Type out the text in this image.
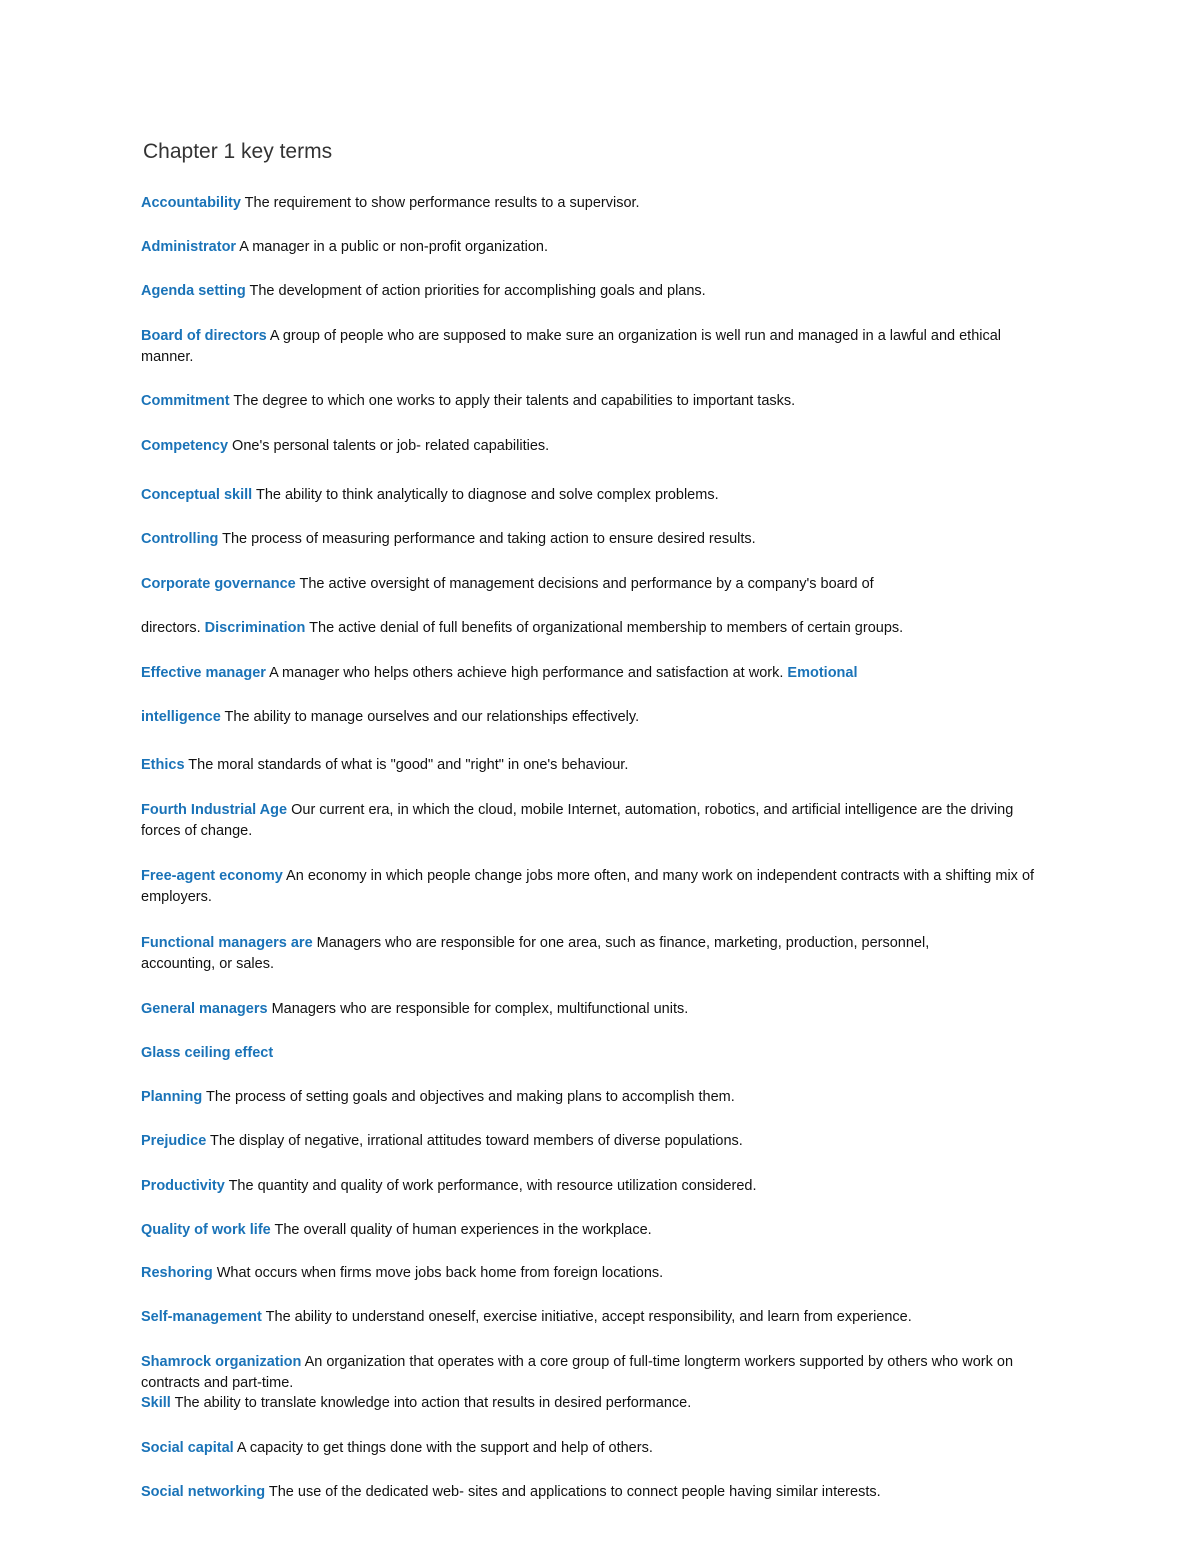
Chapter 1 key terms
Accountability The requirement to show performance results to a supervisor.
Administrator A manager in a public or non-profit organization.
Agenda setting The development of action priorities for accomplishing goals and plans.
Board of directors A group of people who are supposed to make sure an organization is well run and managed in a lawful and ethical manner.
Commitment The degree to which one works to apply their talents and capabilities to important tasks.
Competency One's personal talents or job- related capabilities.
Conceptual skill The ability to think analytically to diagnose and solve complex problems.
Controlling The process of measuring performance and taking action to ensure desired results.
Corporate governance The active oversight of management decisions and performance by a company's board of
directors. Discrimination The active denial of full benefits of organizational membership to members of certain groups.
Effective manager A manager who helps others achieve high performance and satisfaction at work. Emotional
intelligence The ability to manage ourselves and our relationships effectively.
Ethics The moral standards of what is "good" and "right" in one's behaviour.
Fourth Industrial Age Our current era, in which the cloud, mobile Internet, automation, robotics, and artificial intelligence are the driving forces of change.
Free-agent economy An economy in which people change jobs more often, and many work on independent contracts with a shifting mix of employers.
Functional managers are Managers who are responsible for one area, such as finance, marketing, production, personnel, accounting, or sales.
General managers Managers who are responsible for complex, multifunctional units.
Glass ceiling effect
Planning The process of setting goals and objectives and making plans to accomplish them.
Prejudice The display of negative, irrational attitudes toward members of diverse populations.
Productivity The quantity and quality of work performance, with resource utilization considered.
Quality of work life The overall quality of human experiences in the workplace.
Reshoring What occurs when firms move jobs back home from foreign locations.
Self-management The ability to understand oneself, exercise initiative, accept responsibility, and learn from experience.
Shamrock organization An organization that operates with a core group of full-time longterm workers supported by others who work on contracts and part-time.
Skill The ability to translate knowledge into action that results in desired performance.
Social capital A capacity to get things done with the support and help of others.
Social networking The use of the dedicated web- sites and applications to connect people having similar interests.
